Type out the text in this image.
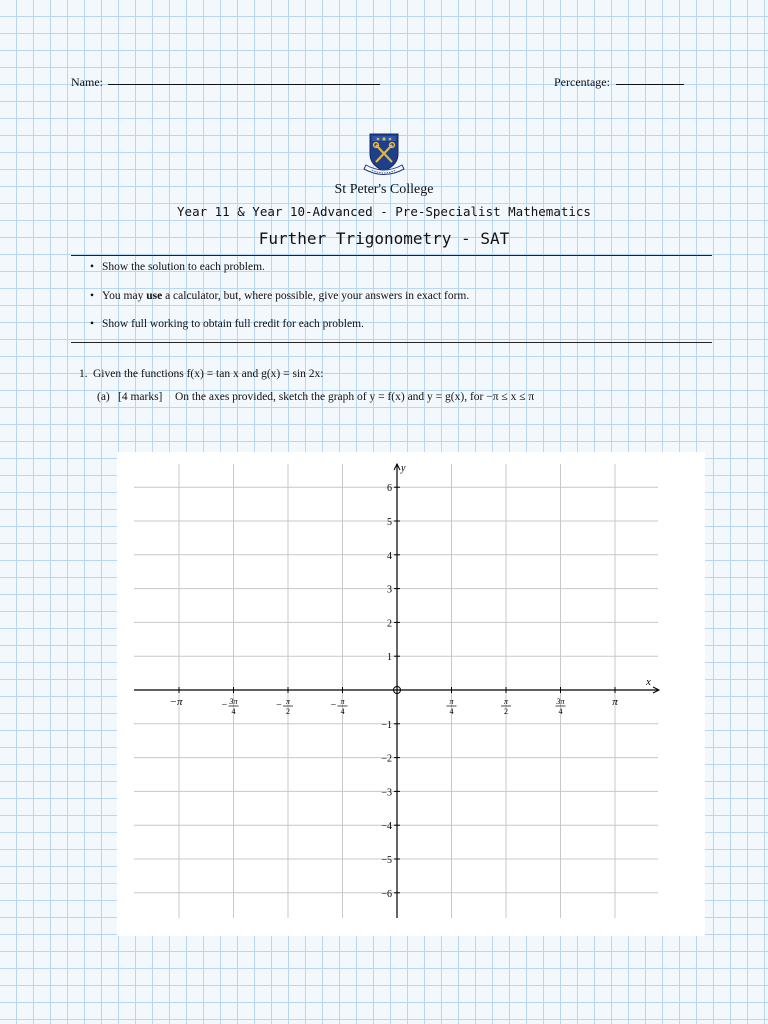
Name:	Percentage:
St Peter's College
Year 11 & Year 10-Advanced - Pre-Specialist Mathematics
Further Trigonometry - SAT
• Show the solution to each problem.
• You may use a calculator, but, where possible, give your answers in exact form.
• Show full working to obtain full credit for each problem.
1. Given the functions f(x) = tan x and g(x) = sin 2x:
(a) [4 marks] On the axes provided, sketch the graph of y = f(x) and y = g(x), for −π ≤ x ≤ π
x
y
6
5
4
3
2
1
−1
−2
−3
−4
−5
−6
−π	− 3π
4
− π
2
− π
4
π
4
π
2
3π
4
π
